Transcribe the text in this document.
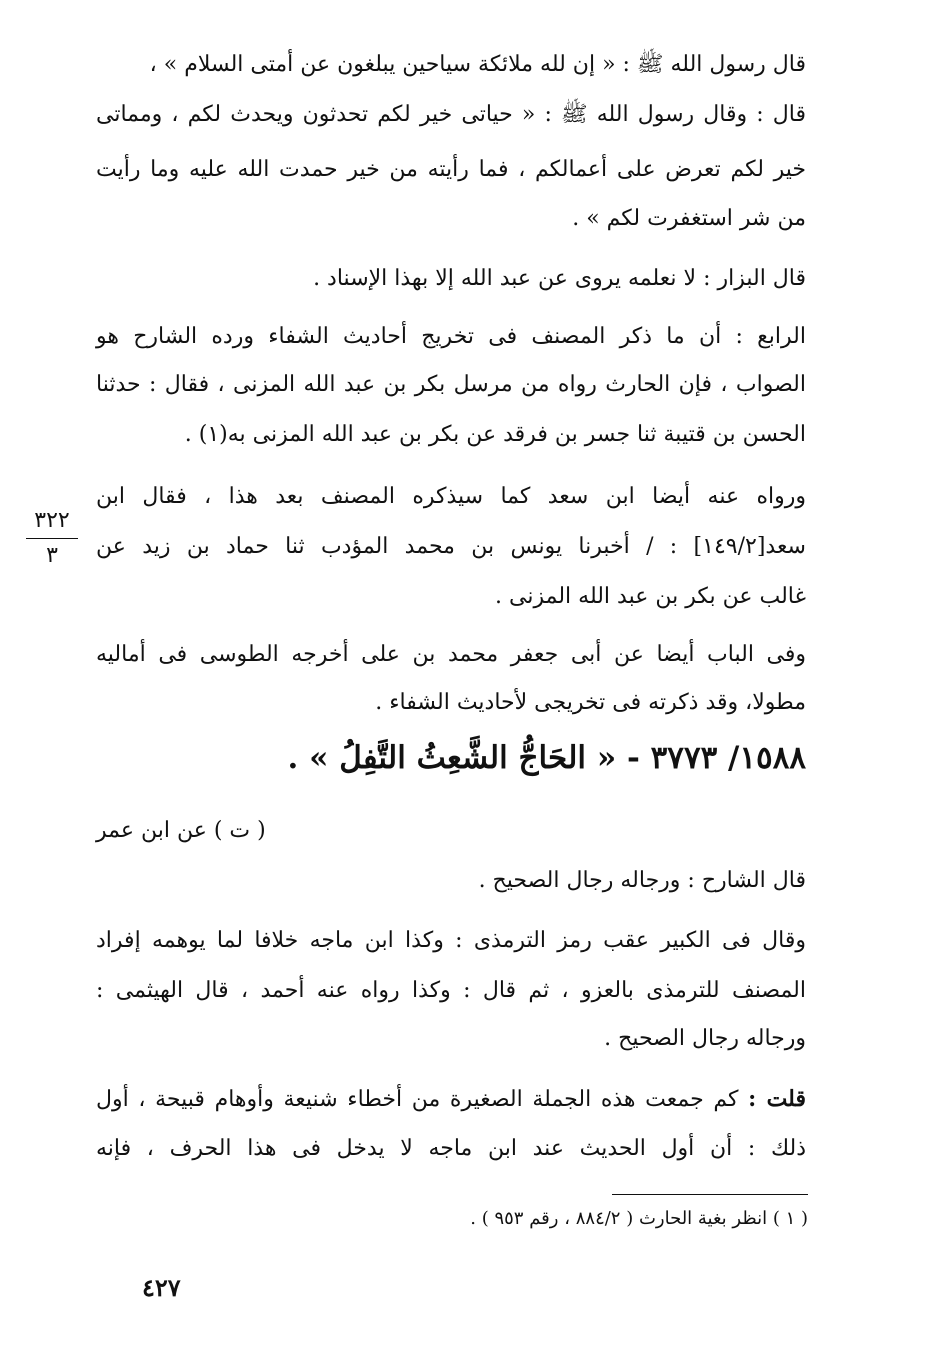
قال رسول الله ﷺ : « إن لله ملائكة سياحين يبلغون عن أمتى السلام » ،
قال : وقال رسول الله ﷺ : « حياتى خير لكم تحدثون ويحدث لكم ، ومماتى
خير لكم تعرض على أعمالكم ، فما رأيته من خير حمدت الله عليه وما رأيت
من شر استغفرت لكم » .
قال البزار : لا نعلمه يروى عن عبد الله إلا بهذا الإسناد .
الرابع : أن ما ذكر المصنف فى تخريج أحاديث الشفاء ورده الشارح هو
الصواب ، فإن الحارث رواه من مرسل بكر بن عبد الله المزنى ، فقال : حدثنا
الحسن بن قتيبة ثنا جسر بن فرقد عن بكر بن عبد الله المزنى به(١) .
ورواه عنه أيضا ابن سعد كما سيذكره المصنف بعد هذا ، فقال ابن
سعد[١٤٩/٢] : / أخبرنا يونس بن محمد المؤدب ثنا حماد بن زيد عن
غالب عن بكر بن عبد الله المزنى .
٣٢٢
٣
وفى الباب أيضا عن أبى جعفر محمد بن على أخرجه الطوسى فى أماليه
مطولا، وقد ذكرته فى تخريجى لأحاديث الشفاء .
١٥٨٨/ ٣٧٧٣ - « الحَاجُّ الشَّعِثُ التَّفِلُ » .
( ت ) عن ابن عمر
قال الشارح : ورجاله رجال الصحيح .
وقال فى الكبير عقب رمز الترمذى : وكذا ابن ماجه خلافا لما يوهمه إفراد
المصنف للترمذى بالعزو ، ثم قال : وكذا رواه عنه أحمد ، قال الهيثمى :
ورجاله رجال الصحيح .
قلت : كم جمعت هذه الجملة الصغيرة من أخطاء شنيعة وأوهام قبيحة ، أول
ذلك : أن أول الحديث عند ابن ماجه لا يدخل فى هذا الحرف ، فإنه
( ١ ) انظر بغية الحارث ( ٨٨٤/٢ ، رقم ٩٥٣ ) .
٤٢٧
